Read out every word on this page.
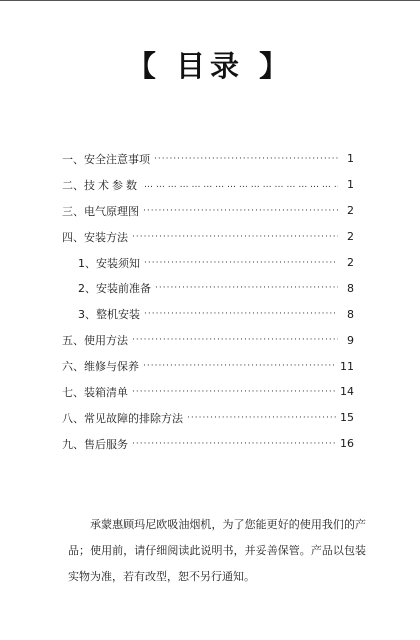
【 目录 】
一、 安全注意事项 ·····	1
二、 技术参数 … … … … … … … … … … … … … … … … … … … … … … … … … … … …	1
三、 电气原理图 ·····	2
四、 安装方法 ·····	2
1、 安装须知 ·····	2
2、 安装前准备 ·····	8
3、 整机安装 ·····	8
五、 使用方法 ·····	9
六、 维修与保养 ·····	11
七、 装箱清单 ·····	14
八、 常见故障的排除方法 ·····	15
九、 售后服务 ·····	16
承蒙惠顾玛尼欧吸油烟机，为了您能更好的使用我们的产品；使用前，请仔细阅读此说明书，并妥善保管。产品以包装实物为准，若有改型，恕不另行通知。
